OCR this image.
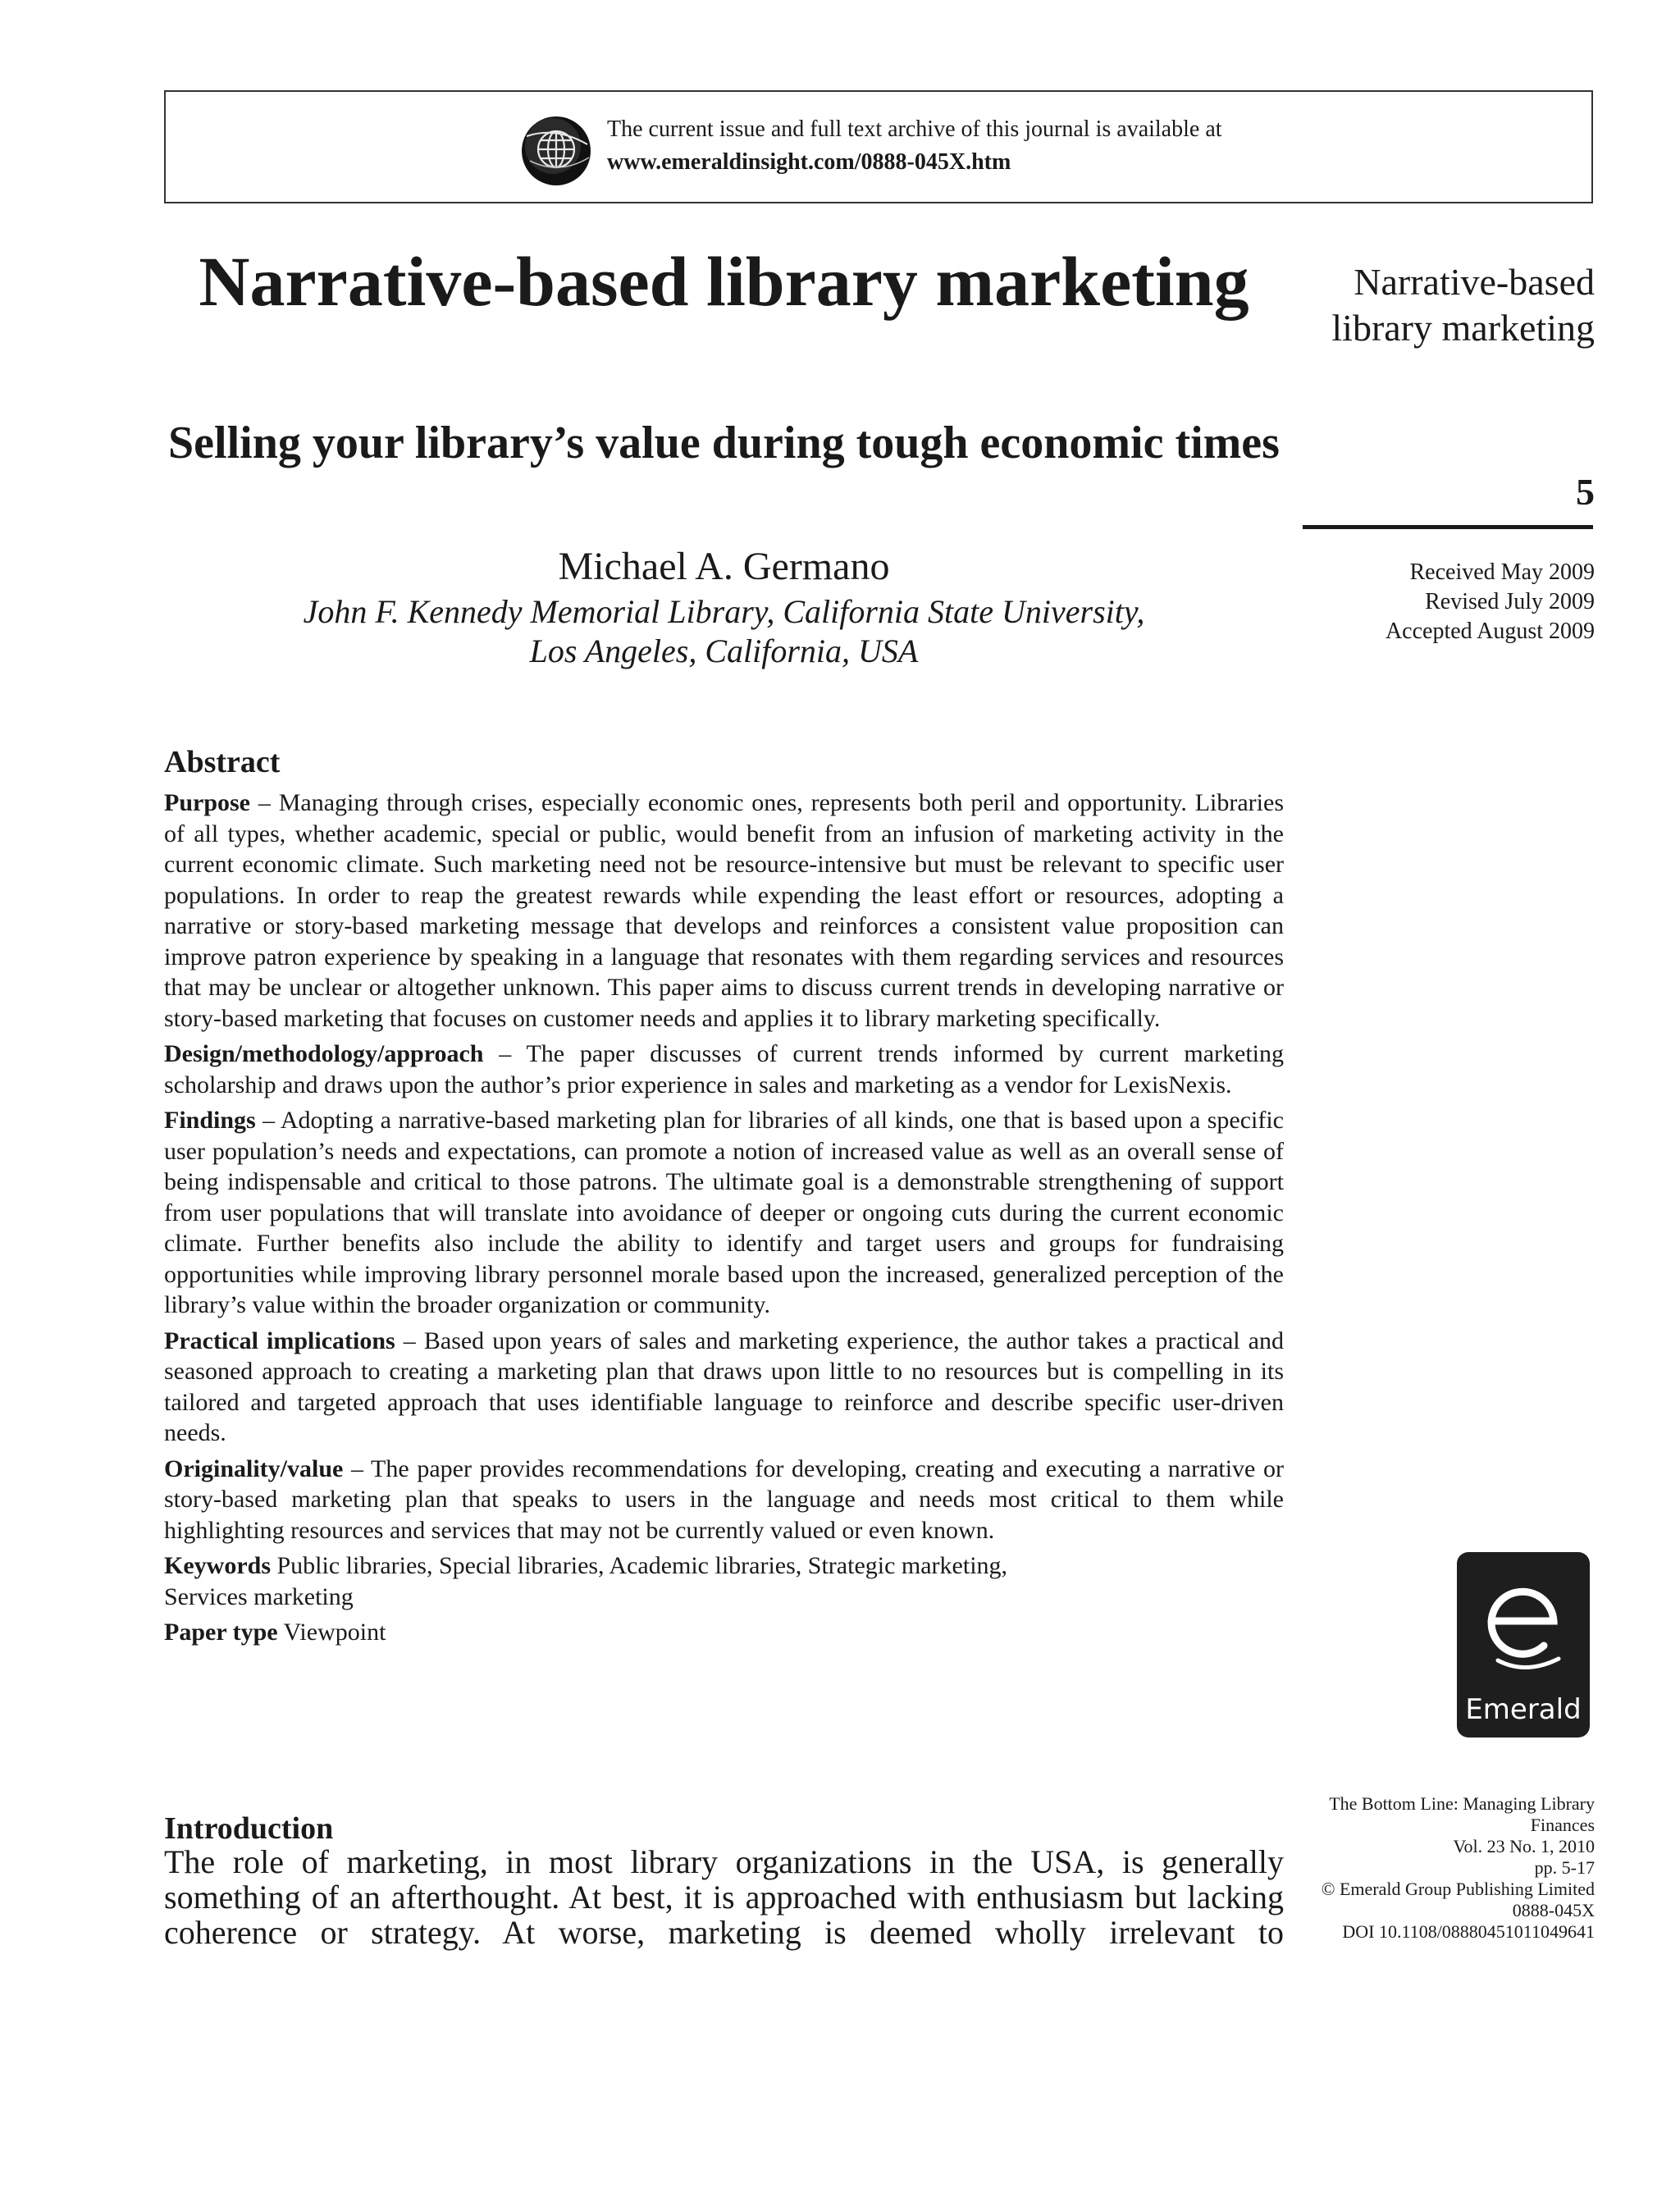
The current issue and full text archive of this journal is available at
www.emeraldinsight.com/0888-045X.htm
Narrative-based library marketing
Selling your library’s value during tough economic times
Michael A. Germano
John F. Kennedy Memorial Library, California State University,
Los Angeles, California, USA
Narrative-based library marketing
5
Received May 2009
Revised July 2009
Accepted August 2009
Abstract

Purpose – Managing through crises, especially economic ones, represents both peril and opportunity. Libraries of all types, whether academic, special or public, would benefit from an infusion of marketing activity in the current economic climate. Such marketing need not be resource-intensive but must be relevant to specific user populations. In order to reap the greatest rewards while expending the least effort or resources, adopting a narrative or story-based marketing message that develops and reinforces a consistent value proposition can improve patron experience by speaking in a language that resonates with them regarding services and resources that may be unclear or altogether unknown. This paper aims to discuss current trends in developing narrative or story-based marketing that focuses on customer needs and applies it to library marketing specifically.

Design/methodology/approach – The paper discusses of current trends informed by current marketing scholarship and draws upon the author’s prior experience in sales and marketing as a vendor for LexisNexis.

Findings – Adopting a narrative-based marketing plan for libraries of all kinds, one that is based upon a specific user population’s needs and expectations, can promote a notion of increased value as well as an overall sense of being indispensable and critical to those patrons. The ultimate goal is a demonstrable strengthening of support from user populations that will translate into avoidance of deeper or ongoing cuts during the current economic climate. Further benefits also include the ability to identify and target users and groups for fundraising opportunities while improving library personnel morale based upon the increased, generalized perception of the library’s value within the broader organization or community.

Practical implications – Based upon years of sales and marketing experience, the author takes a practical and seasoned approach to creating a marketing plan that draws upon little to no resources but is compelling in its tailored and targeted approach that uses identifiable language to reinforce and describe specific user-driven needs.

Originality/value – The paper provides recommendations for developing, creating and executing a narrative or story-based marketing plan that speaks to users in the language and needs most critical to them while highlighting resources and services that may not be currently valued or even known.

Keywords Public libraries, Special libraries, Academic libraries, Strategic marketing,
Services marketing

Paper type Viewpoint

Emerald
The Bottom Line: Managing Library
Finances
Vol. 23 No. 1, 2010
pp. 5-17
© Emerald Group Publishing Limited
0888-045X
DOI 10.1108/08880451011049641
Introduction

The role of marketing, in most library organizations in the USA, is generally something of an afterthought. At best, it is approached with enthusiasm but lacking coherence or strategy. At worse, marketing is deemed wholly irrelevant to
